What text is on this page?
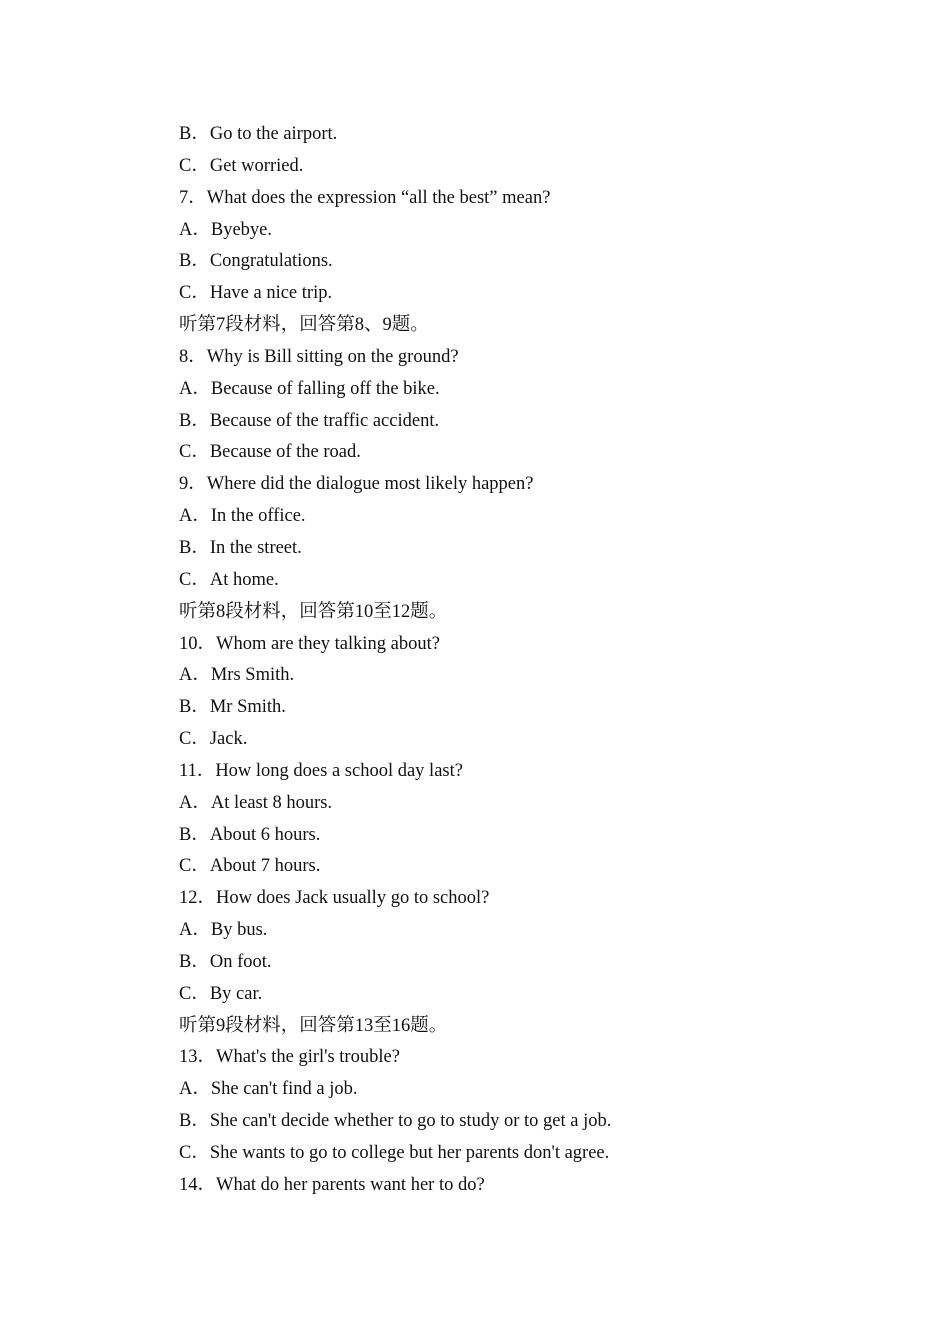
B．Go to the airport.
C．Get worried.
7．What does the expression “all the best” mean?
A．Byebye.
B．Congratulations.
C．Have a nice trip.
听第7段材料，回答第8、9题。
8．Why is Bill sitting on the ground?
A．Because of falling off the bike.
B．Because of the traffic accident.
C．Because of the road.
9．Where did the dialogue most likely happen?
A．In the office.
B．In the street.
C．At home.
听第8段材料，回答第10至12题。
10．Whom are they talking about?
A．Mrs Smith.
B．Mr Smith.
C．Jack.
11．How long does a school day last?
A．At least 8 hours.
B．About 6 hours.
C．About 7 hours.
12．How does Jack usually go to school?
A．By bus.
B．On foot.
C．By car.
听第9段材料，回答第13至16题。
13．What's the girl's trouble?
A．She can't find a job.
B．She can't decide whether to go to study or to get a job.
C．She wants to go to college but her parents don't agree.
14．What do her parents want her to do?
